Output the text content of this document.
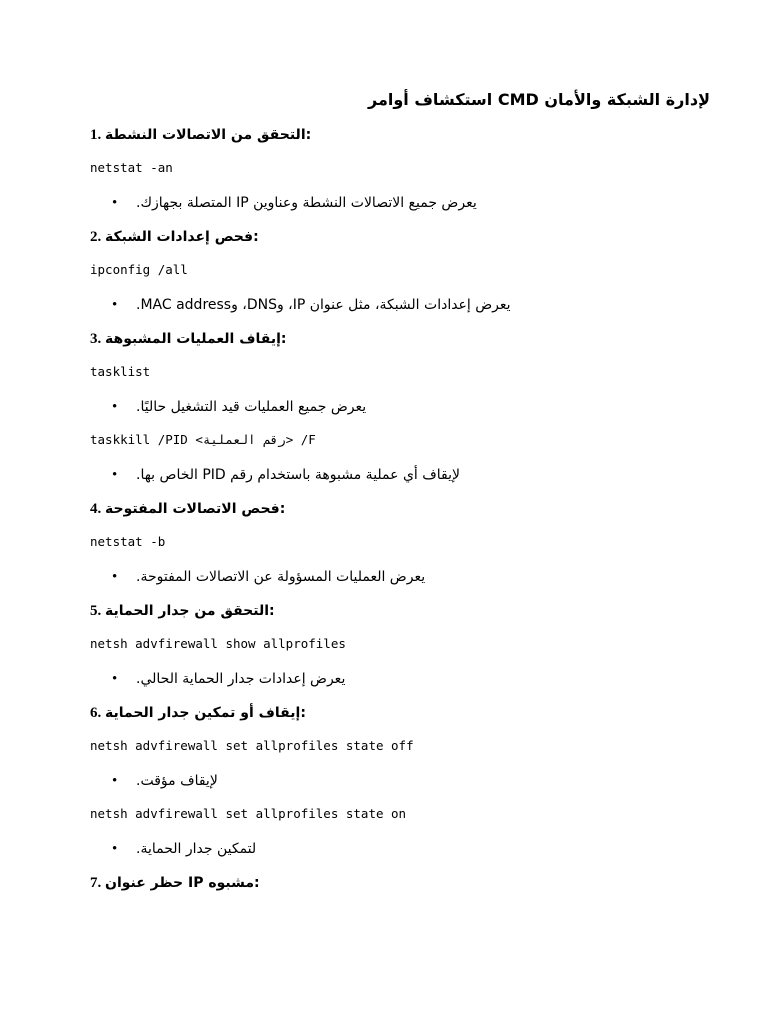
لإدارة الشبكة والأمان CMD استكشاف أوامر
1. التحقق من الاتصالات النشطة:
netstat -an
• يعرض جميع الاتصالات النشطة وعناوين IP المتصلة بجهازك.
2. فحص إعدادات الشبكة:
ipconfig /all
• يعرض إعدادات الشبكة، مثل عنوان IP، وDNS، وMAC address.
3. إيقاف العمليات المشبوهة:
tasklist
• يعرض جميع العمليات قيد التشغيل حاليًا.
taskkill /PID <رقم العملية> /F
• لإيقاف أي عملية مشبوهة باستخدام رقم PID الخاص بها.
4. فحص الاتصالات المفتوحة:
netstat -b
• يعرض العمليات المسؤولة عن الاتصالات المفتوحة.
5. التحقق من جدار الحماية:
netsh advfirewall show allprofiles
• يعرض إعدادات جدار الحماية الحالي.
6. إيقاف أو تمكين جدار الحماية:
netsh advfirewall set allprofiles state off
• لإيقاف مؤقت.
netsh advfirewall set allprofiles state on
• لتمكين جدار الحماية.
7. حظر عنوان IP مشبوه:
